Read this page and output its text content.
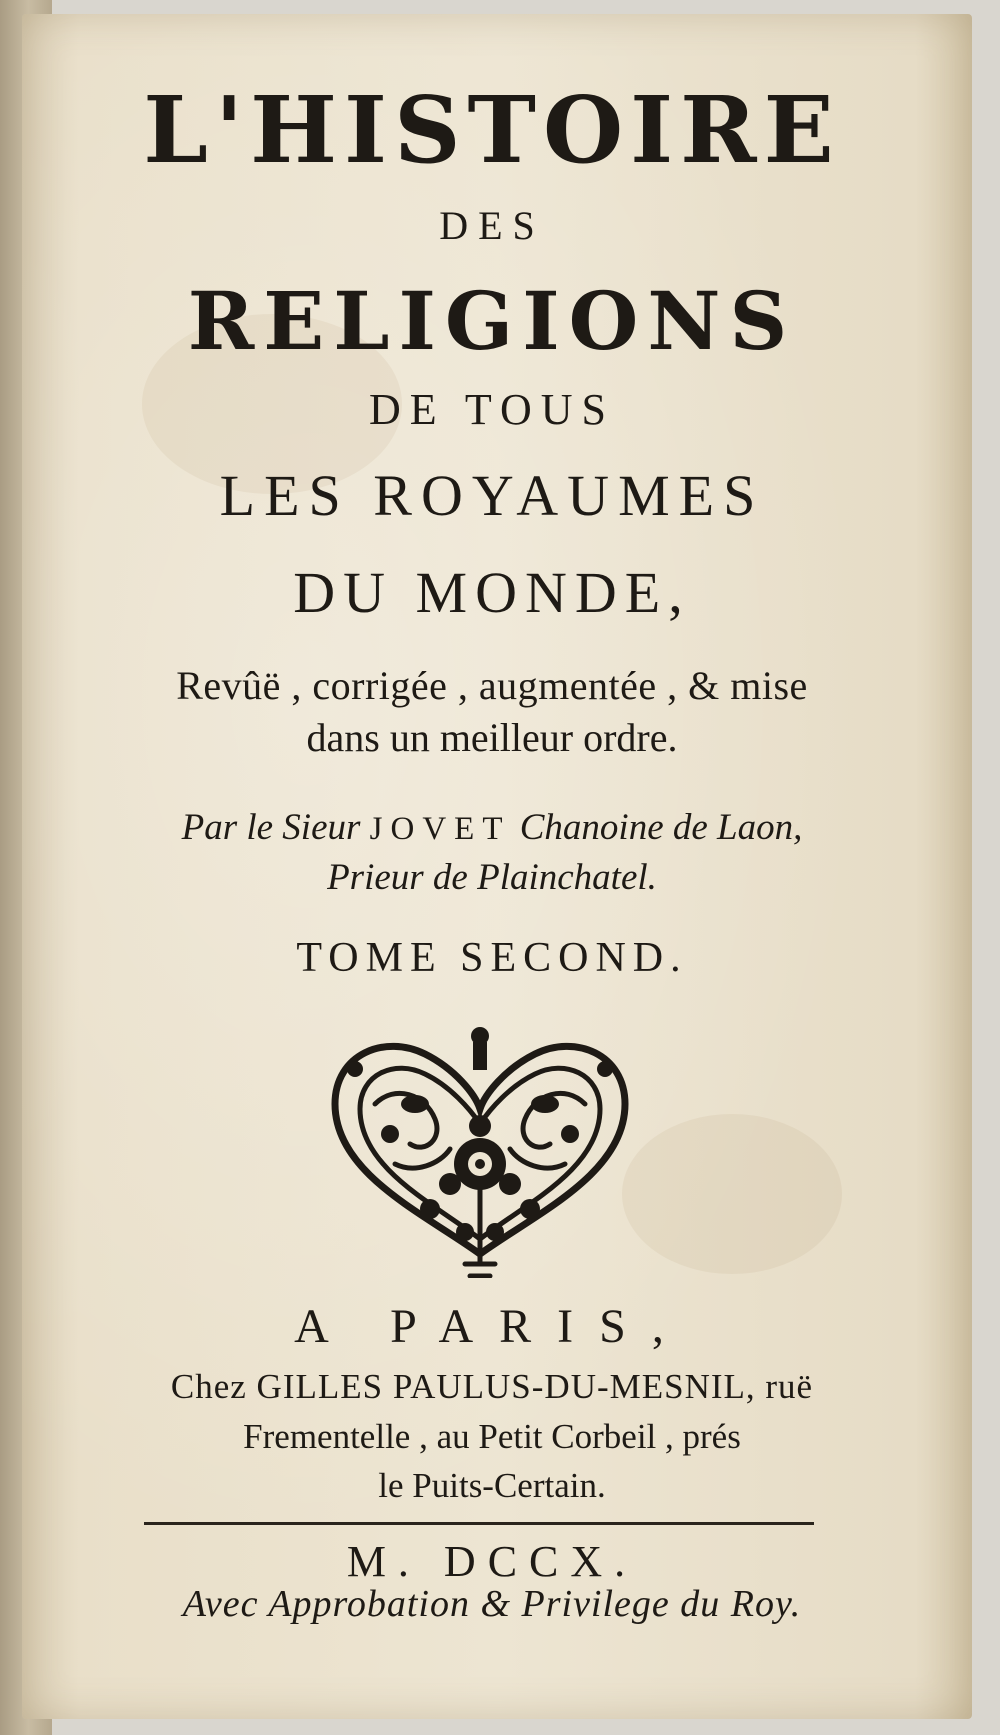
L'HISTOIRE
DES
RELIGIONS
DE TOUS
LES ROYAUMES
DU MONDE,
Revûë , corrigée , augmentée , & mise
dans un meilleur ordre.
Par le Sieur JOVET Chanoine de Laon,
Prieur de Plainchatel.
TOME SECOND.
A PARIS,
Chez GILLES PAULUS-DU-MESNIL, ruë
Frementelle , au Petit Corbeil , prés
le Puits-Certain.
M. DCCX.
Avec Approbation & Privilege du Roy.
